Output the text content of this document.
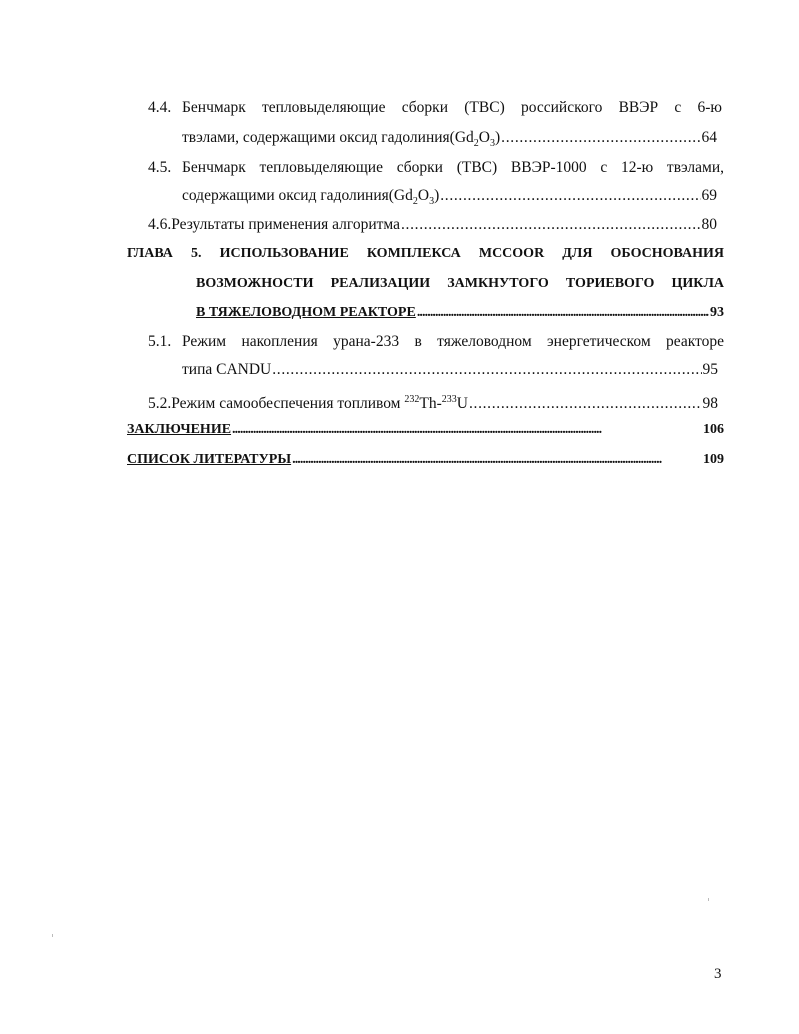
4.4. Бенчмарк тепловыделяющие сборки (ТВС) российского ВВЭР с 6-ю
твэлами, содержащими оксид $гадолиния(Gd_2O_3)$ . . .	64
4.5. Бенчмарк тепловыделяющие сборки (ТВС) ВВЭР-1000 с 12-ю твэлами,
содержащими оксид $гадолиния(Gd_2O_3)$ . . .	69
4.6. Результаты применения алгоритма . . .	80
ГЛАВА 5. ИСПОЛЬЗОВАНИЕ КОМПЛЕКСА MCCOOR ДЛЯ ОБОСНОВАНИЯ
ВОЗМОЖНОСТИ РЕАЛИЗАЦИИ ЗАМКНУТОГО ТОРИЕВОГО ЦИКЛА
В ТЯЖЕЛОВОДНОМ РЕАКТОРЕ . . .	93
5.1. Режим накопления урана-233 в тяжеловодном энергетическом реакторе
типа CANDU . . .	95
5.2. Режим самообеспечения топливом $^{232}$Th-$^{233}$U . . .	98
ЗАКЛЮЧЕНИЕ . . .	106
СПИСОК ЛИТЕРАТУРЫ . . .	109
3
